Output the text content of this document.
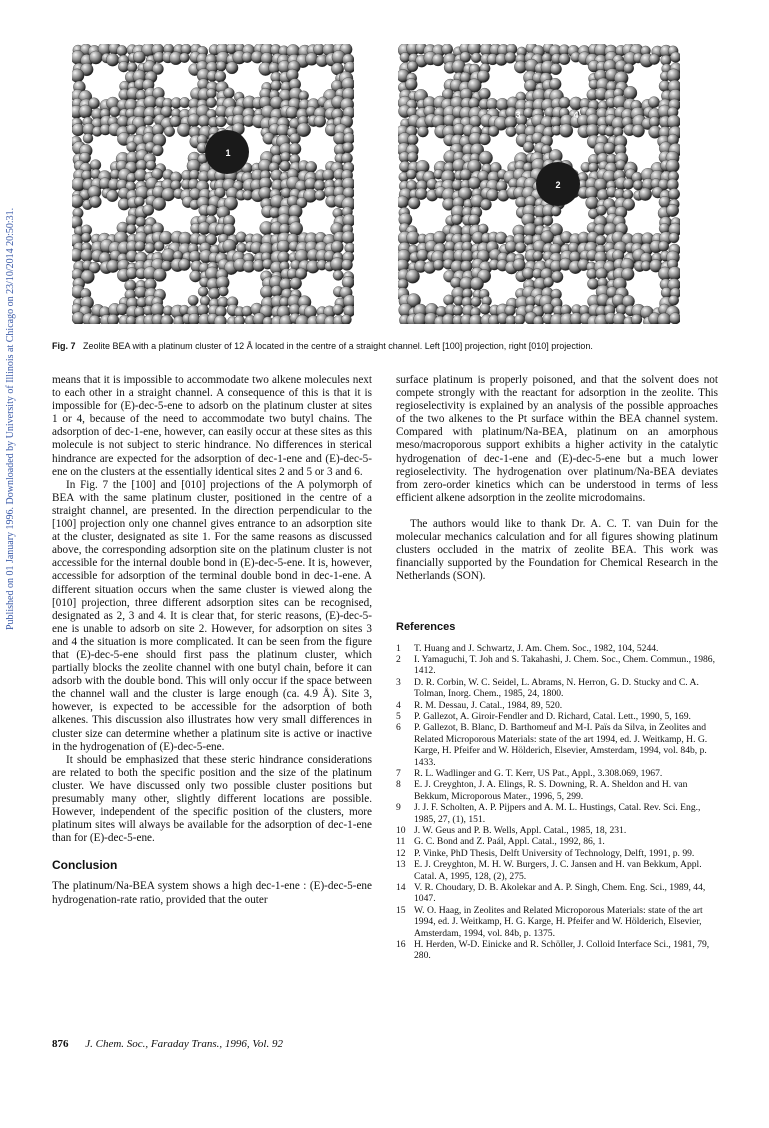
Published on 01 January 1996. Downloaded by University of Illinois at Chicago on 23/10/2014 20:50:31.
1
2
3	4
Fig. 7 Zeolite BEA with a platinum cluster of 12 Å located in the centre of a straight channel. Left [100] projection, right [010] projection.

means that it is impossible to accommodate two alkene molecules next to each other in a straight channel. A consequence of this is that it is impossible for (E)-dec-5-ene to adsorb on the platinum cluster at sites 1 or 4, because of the need to accommodate two butyl chains. The adsorption of dec-1-ene, however, can easily occur at these sites as this molecule is not subject to steric hindrance. No differences in sterical hindrance are expected for the adsorption of dec-1-ene and (E)-dec-5-ene on the clusters at the essentially identical sites 2 and 5 or 3 and 6.

In Fig. 7 the [100] and [010] projections of the A polymorph of BEA with the same platinum cluster, positioned in the centre of a straight channel, are presented. In the direction perpendicular to the [100] projection only one channel gives entrance to an adsorption site at the cluster, designated as site 1. For the same reasons as discussed above, the corresponding adsorption site on the platinum cluster is not accessible for the internal double bond in (E)-dec-5-ene. It is, however, accessible for adsorption of the terminal double bond in dec-1-ene. A different situation occurs when the same cluster is viewed along the [010] projection, three different adsorption sites can be recognised, designated as 2, 3 and 4. It is clear that, for steric reasons, (E)-dec-5-ene is unable to adsorb on site 2. However, for adsorption on sites 3 and 4 the situation is more complicated. It can be seen from the figure that (E)-dec-5-ene should first pass the platinum cluster, which partially blocks the zeolite channel with one butyl chain, before it can adsorb with the double bond. This will only occur if the space between the channel wall and the cluster is large enough (ca. 4.9 Å). Site 3, however, is expected to be accessible for the adsorption of both alkenes. This discussion also illustrates how very small differences in cluster size can determine whether a platinum site is active or inactive in the hydrogenation of (E)-dec-5-ene.

It should be emphasized that these steric hindrance considerations are related to both the specific position and the size of the platinum cluster. We have discussed only two possible cluster positions but presumably many other, slightly different locations are possible. However, independent of the specific position of the clusters, more platinum sites will always be available for the adsorption of dec-1-ene than for (E)-dec-5-ene.

Conclusion

The platinum/Na-BEA system shows a high dec-1-ene : (E)-dec-5-ene hydrogenation-rate ratio, provided that the outer

surface platinum is properly poisoned, and that the solvent does not compete strongly with the reactant for adsorption in the zeolite. This regioselectivity is explained by an analysis of the possible approaches of the two alkenes to the Pt surface within the BEA channel system. Compared with platinum/Na-BEA, platinum on an amorphous meso/macroporous support exhibits a higher activity in the catalytic hydrogenation of dec-1-ene and (E)-dec-5-ene but a much lower regioselectivity. The hydrogenation over platinum/Na-BEA deviates from zero-order kinetics which can be understood in terms of less efficient alkene adsorption in the zeolite microdomains.

The authors would like to thank Dr. A. C. T. van Duin for the molecular mechanics calculation and for all figures showing platinum clusters occluded in the matrix of zeolite BEA. This work was financially supported by the Foundation for Chemical Research in the Netherlands (SON).

References

1	T. Huang and J. Schwartz, J. Am. Chem. Soc., 1982, 104, 5244.
2	I. Yamaguchi, T. Joh and S. Takahashi, J. Chem. Soc., Chem. Commun., 1986, 1412.
3	D. R. Corbin, W. C. Seidel, L. Abrams, N. Herron, G. D. Stucky and C. A. Tolman, Inorg. Chem., 1985, 24, 1800.
4	R. M. Dessau, J. Catal., 1984, 89, 520.
5	P. Gallezot, A. Giroir-Fendler and D. Richard, Catal. Lett., 1990, 5, 169.
6	P. Gallezot, B. Blanc, D. Barthomeuf and M-I. Païs da Silva, in Zeolites and Related Microporous Materials: state of the art 1994, ed. J. Weitkamp, H. G. Karge, H. Pfeifer and W. Hölderich, Elsevier, Amsterdam, 1994, vol. 84b, p. 1433.
7	R. L. Wadlinger and G. T. Kerr, US Pat., Appl., 3.308.069, 1967.
8	E. J. Creyghton, J. A. Elings, R. S. Downing, R. A. Sheldon and H. van Bekkum, Microporous Mater., 1996, 5, 299.
9	J. J. F. Scholten, A. P. Pijpers and A. M. L. Hustings, Catal. Rev. Sci. Eng., 1985, 27, (1), 151.
10 J. W. Geus and P. B. Wells, Appl. Catal., 1985, 18, 231.
11 G. C. Bond and Z. Paál, Appl. Catal., 1992, 86, 1.
12 P. Vinke, PhD Thesis, Delft University of Technology, Delft, 1991, p. 99.
13 E. J. Creyghton, M. H. W. Burgers, J. C. Jansen and H. van Bekkum, Appl. Catal. A, 1995, 128, (2), 275.
14 V. R. Choudary, D. B. Akolekar and A. P. Singh, Chem. Eng. Sci., 1989, 44, 1047.
15 W. O. Haag, in Zeolites and Related Microporous Materials: state of the art 1994, ed. J. Weitkamp, H. G. Karge, H. Pfeifer and W. Hölderich, Elsevier, Amsterdam, 1994, vol. 84b, p. 1375.
16 H. Herden, W-D. Einicke and R. Schöller, J. Colloid Interface Sci., 1981, 79, 280.
876 J. Chem. Soc., Faraday Trans., 1996, Vol. 92
